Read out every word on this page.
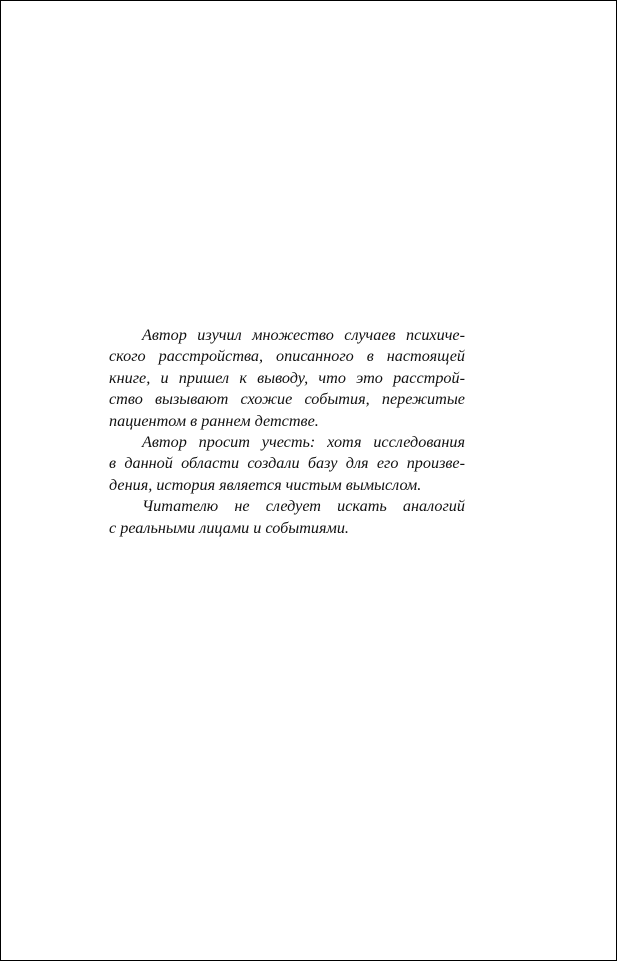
Автор изучил множество случаев психиче-
ского расстройства, описанного в настоящей
книге, и пришел к выводу, что это расстрой-
ство вызывают схожие события, пережитые
пациентом в раннем детстве.
Автор просит учесть: хотя исследования
в данной области создали базу для его произве-
дения, история является чистым вымыслом.
Читателю не следует искать аналогий
с реальными лицами и событиями.
